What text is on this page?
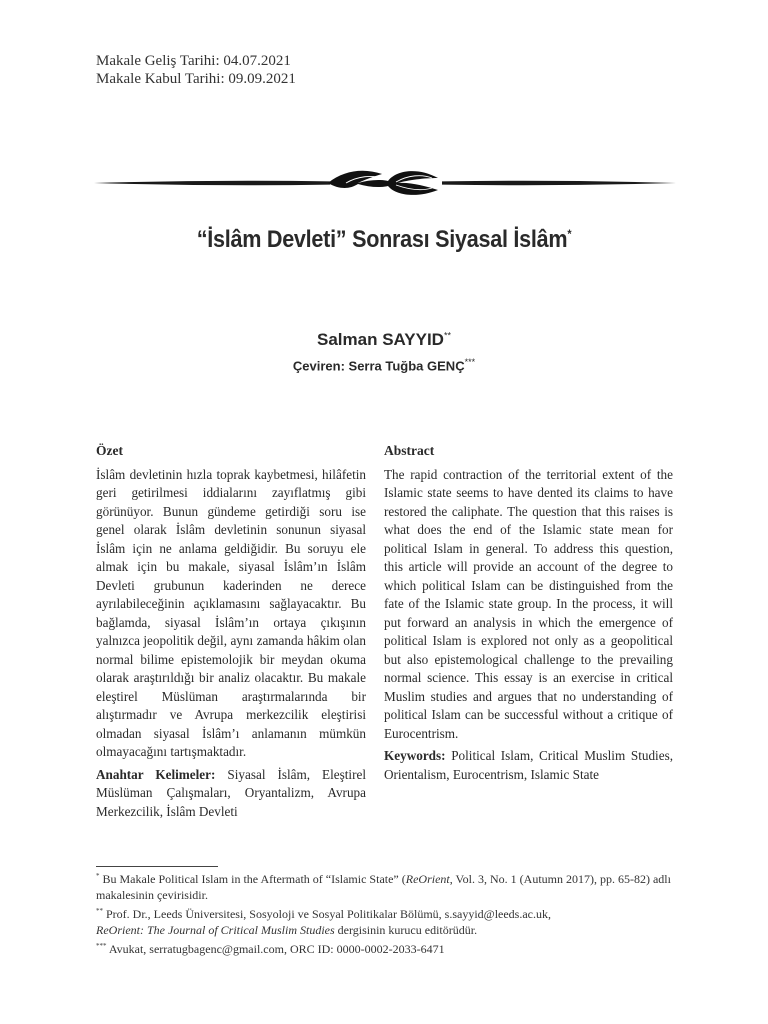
Makale Geliş Tarihi: 04.07.2021
Makale Kabul Tarihi: 09.09.2021
“İslâm Devleti” Sonrası Siyasal İslâm*
Salman SAYYID**
Çeviren: Serra Tuğba GENÇ***
Özet

İslâm devletinin hızla toprak kaybetmesi, hilâfetin geri getirilmesi iddialarını zayıflatmış gibi görünüyor. Bunun gündeme getirdiği soru ise genel olarak İslâm devletinin sonunun siyasal İslâm için ne anlama geldiğidir. Bu soruyu ele almak için bu makale, siyasal İslâm’ın İslâm Devleti grubunun kaderinden ne derece ayrılabileceğinin açıklamasını sağlayacaktır. Bu bağlamda, siyasal İslâm’ın ortaya çıkışının yalnızca jeopolitik değil, aynı zamanda hâkim olan normal bilime epistemolojik bir meydan okuma olarak araştırıldığı bir analiz olacaktır. Bu makale eleştirel Müslüman araştırmalarında bir alıştırmadır ve Avrupa merkezcilik eleştirisi olmadan siyasal İslâm’ı anlamanın mümkün olmayacağını tartışmaktadır.

Anahtar Kelimeler: Siyasal İslâm, Eleştirel Müslüman Çalışmaları, Oryantalizm, Avrupa Merkezcilik, İslâm Devleti

Abstract

The rapid contraction of the territorial extent of the Islamic state seems to have dented its claims to have restored the caliphate. The question that this raises is what does the end of the Islamic state mean for political Islam in general. To address this question, this article will provide an account of the degree to which political Islam can be distinguished from the fate of the Islamic state group. In the process, it will put forward an analysis in which the emergence of political Islam is explored not only as a geopolitical but also epistemological challenge to the prevailing normal science. This essay is an exercise in critical Muslim studies and argues that no understanding of political Islam can be successful without a critique of Eurocentrism.

Keywords: Political Islam, Critical Muslim Studies, Orientalism, Eurocentrism, Islamic State

* Bu Makale Political Islam in the Aftermath of “Islamic State” (ReOrient, Vol. 3, No. 1 (Autumn 2017), pp. 65-82) adlı makalesinin çevirisidir.

** Prof. Dr., Leeds Üniversitesi, Sosyoloji ve Sosyal Politikalar Bölümü, s.sayyid@leeds.ac.uk,
ReOrient: The Journal of Critical Muslim Studies dergisinin kurucu editörüdür.

*** Avukat, serratugbagenc@gmail.com, ORC ID: 0000-0002-2033-6471
